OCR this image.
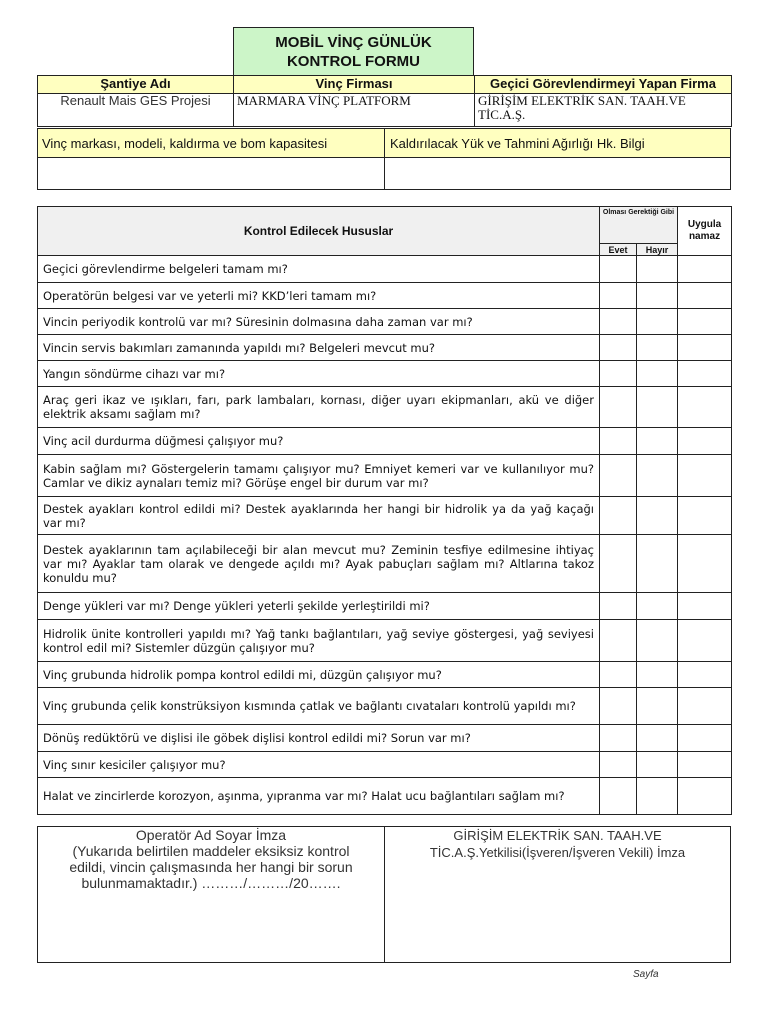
MOBİL VİNÇ GÜNLÜK
KONTROL FORMU
Şantiye Adı	Vinç Firması	Geçici Görevlendirmeyi Yapan Firma
Renault Mais GES Projesi	MARMARA VİNÇ PLATFORM	GİRİŞİM ELEKTRİK SAN. TAAH.VE TİC.A.Ş.
Vinç markası, modeli, kaldırma ve bom kapasitesi	Kaldırılacak Yük ve Tahmini Ağırlığı Hk. Bilgi
Kontrol Edilecek Hususlar	Olması Gerektiği Gibi		Uygula namaz
	Evet	Hayır	
Geçici görevlendirme belgeleri tamam mı?			
Operatörün belgesi var ve yeterli mi? KKD’leri tamam mı?			
Vincin periyodik kontrolü var mı? Süresinin dolmasına daha zaman var mı?			
Vincin servis bakımları zamanında yapıldı mı? Belgeleri mevcut mu?			
Yangın söndürme cihazı var mı?			
Araç geri ikaz ve ışıkları, farı, park lambaları, kornası, diğer uyarı ekipmanları, akü ve diğer elektrik aksamı sağlam mı?			
Vinç acil durdurma düğmesi çalışıyor mu?			
Kabin sağlam mı? Göstergelerin tamamı çalışıyor mu? Emniyet kemeri var ve kullanılıyor mu? Camlar ve dikiz aynaları temiz mi? Görüşe engel bir durum var mı?			
Destek ayakları kontrol edildi mi? Destek ayaklarında her hangi bir hidrolik ya da yağ kaçağı var mı?			
Destek ayaklarının tam açılabileceği bir alan mevcut mu? Zeminin tesfiye edilmesine ihtiyaç var mı? Ayaklar tam olarak ve dengede açıldı mı? Ayak pabuçları sağlam mı? Altlarına takoz konuldu mu?			
Denge yükleri var mı? Denge yükleri yeterli şekilde yerleştirildi mi?			
Hidrolik ünite kontrolleri yapıldı mı? Yağ tankı bağlantıları, yağ seviye göstergesi, yağ seviyesi kontrol edil mi? Sistemler düzgün çalışıyor mu?			
Vinç grubunda hidrolik pompa kontrol edildi mi, düzgün çalışıyor mu?			
Vinç grubunda çelik konstrüksiyon kısmında çatlak ve bağlantı cıvataları kontrolü yapıldı mı?			
Dönüş redüktörü ve dişlisi ile göbek dişlisi kontrol edildi mi? Sorun var mı?			
Vinç sınır kesiciler çalışıyor mu?			
Halat ve zincirlerde korozyon, aşınma, yıpranma var mı? Halat ucu bağlantıları sağlam mı?			
Operatör Ad Soyar İmza
(Yukarıda belirtilen maddeler eksiksiz kontrol edildi, vincin çalışmasında her hangi bir sorun bulunmamaktadır.) ………/………/20…….
GİRİŞİM ELEKTRİK SAN. TAAH.VE
TİC.A.Ş.Yetkilisi(İşveren/İşveren Vekili) İmza
Sayfa
